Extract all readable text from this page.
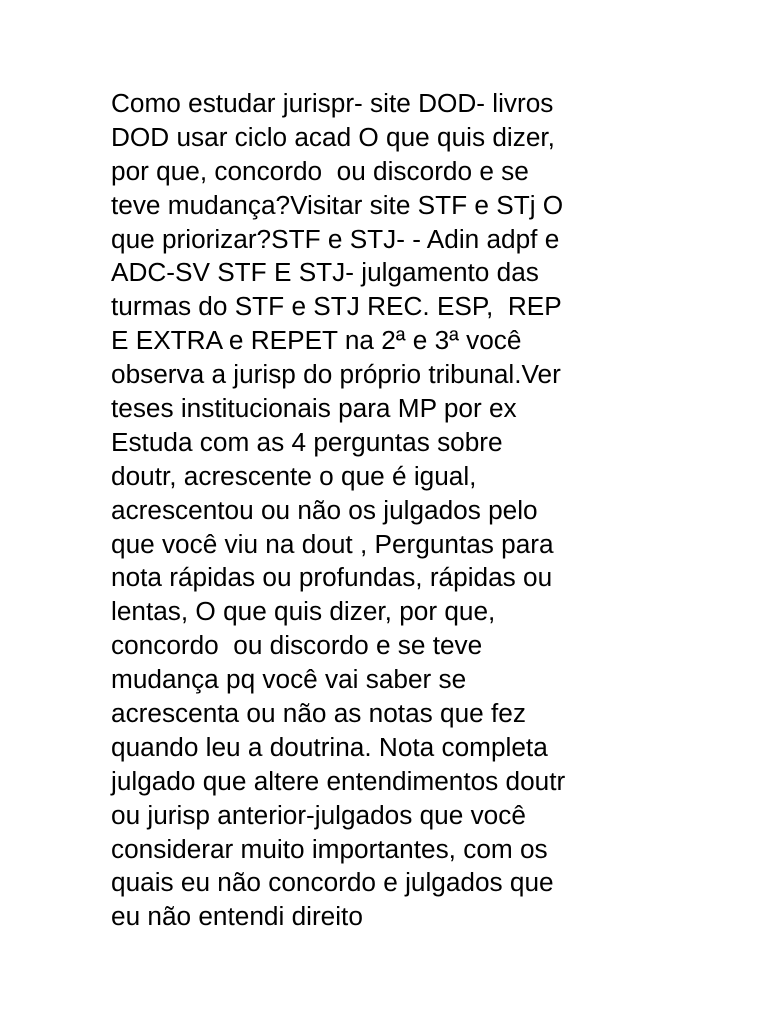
Como estudar jurispr- site DOD- livros
DOD usar ciclo acad O que quis dizer,
por que, concordo  ou discordo e se
teve mudança?Visitar site STF e STj O
que priorizar?STF e STJ- - Adin adpf e
ADC-SV STF E STJ- julgamento das
turmas do STF e STJ REC. ESP,  REP
E EXTRA e REPET na 2ª e 3ª você
observa a jurisp do próprio tribunal.Ver
teses institucionais para MP por ex
Estuda com as 4 perguntas sobre
doutr, acrescente o que é igual,
acrescentou ou não os julgados pelo
que você viu na dout , Perguntas para
nota rápidas ou profundas, rápidas ou
lentas, O que quis dizer, por que,
concordo  ou discordo e se teve
mudança pq você vai saber se
acrescenta ou não as notas que fez
quando leu a doutrina. Nota completa
julgado que altere entendimentos doutr
ou jurisp anterior-julgados que você
considerar muito importantes, com os
quais eu não concordo e julgados que
eu não entendi direito
